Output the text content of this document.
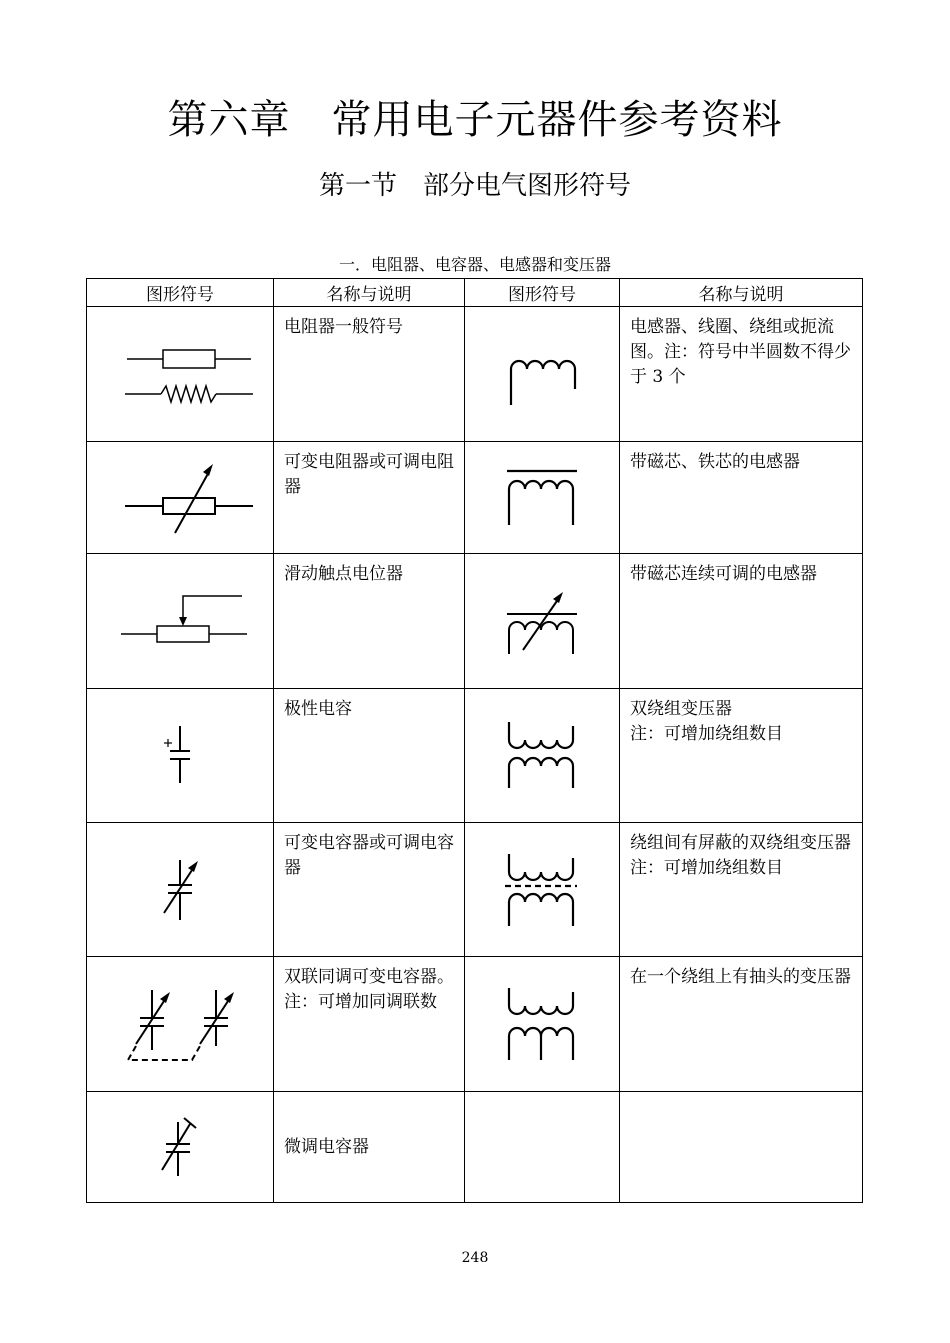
第六章　常用电子元器件参考资料
第一节　部分电气图形符号
一．电阻器、电容器、电感器和变压器
图形符号	名称与说明	图形符号	名称与说明

电阻器一般符号		电感器、线圈、绕组或扼流图。注：符号中半圆数不得少于 3 个

可变电阻器或可调电阻器		带磁芯、铁芯的电感器

滑动触点电位器		带磁芯连续可调的电感器

极性电容		双绕组变压器
注：可增加绕组数目

可变电容器或可调电容器		绕组间有屏蔽的双绕组变压器
注：可增加绕组数目

双联同调可变电容器。
注：可增加同调联数		在一个绕组上有抽头的变压器

微调电容器		

248
